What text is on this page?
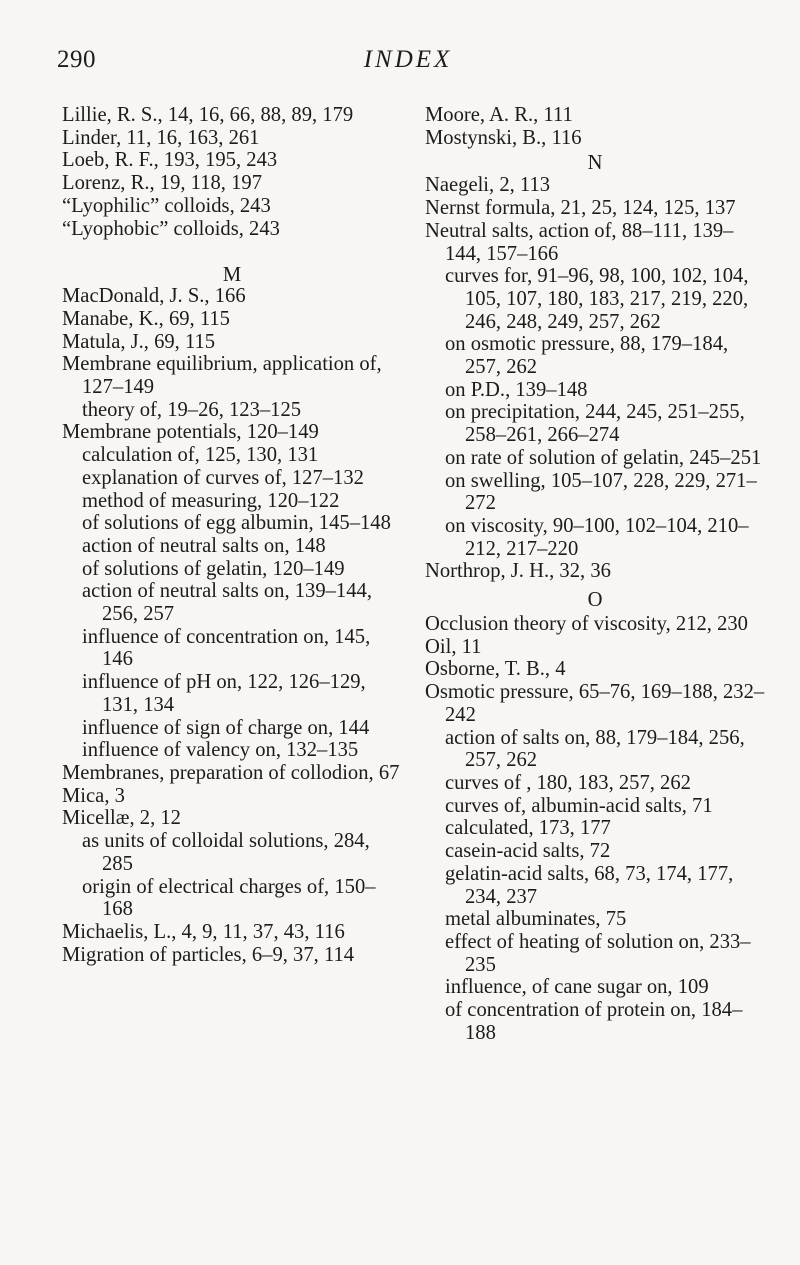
290	INDEX
Lillie, R. S., 14, 16, 66, 88, 89, 179
Linder, 11, 16, 163, 261
Loeb, R. F., 193, 195, 243
Lorenz, R., 19, 118, 197
“Lyophilic” colloids, 243
“Lyophobic” colloids, 243
M
MacDonald, J. S., 166
Manabe, K., 69, 115
Matula, J., 69, 115
Membrane equilibrium, application of, 127–149
theory of, 19–26, 123–125
Membrane potentials, 120–149
calculation of, 125, 130, 131
explanation of curves of, 127–132
method of measuring, 120–122
of solutions of egg albumin, 145–148
action of neutral salts on, 148
of solutions of gelatin, 120–149
action of neutral salts on, 139–144, 256, 257
influence of concentration on, 145, 146
influence of pH on, 122, 126–129, 131, 134
influence of sign of charge on, 144
influence of valency on, 132–135
Membranes, preparation of collodion, 67
Mica, 3
Micellæ, 2, 12
as units of colloidal solutions, 284, 285
origin of electrical charges of, 150–168
Michaelis, L., 4, 9, 11, 37, 43, 116
Migration of particles, 6–9, 37, 114
Moore, A. R., 111
Mostynski, B., 116
N
Naegeli, 2, 113
Nernst formula, 21, 25, 124, 125, 137
Neutral salts, action of, 88–111, 139–144, 157–166
curves for, 91–96, 98, 100, 102, 104, 105, 107, 180, 183, 217, 219, 220, 246, 248, 249, 257, 262
on osmotic pressure, 88, 179–184, 257, 262
on P.D., 139–148
on precipitation, 244, 245, 251–255, 258–261, 266–274
on rate of solution of gelatin, 245–251
on swelling, 105–107, 228, 229, 271–272
on viscosity, 90–100, 102–104, 210–212, 217–220
Northrop, J. H., 32, 36
O
Occlusion theory of viscosity, 212, 230
Oil, 11
Osborne, T. B., 4
Osmotic pressure, 65–76, 169–188, 232–242
action of salts on, 88, 179–184, 256, 257, 262
curves of , 180, 183, 257, 262
curves of, albumin-acid salts, 71
calculated, 173, 177
casein-acid salts, 72
gelatin-acid salts, 68, 73, 174, 177, 234, 237
metal albuminates, 75
effect of heating of solution on, 233–235
influence, of cane sugar on, 109
of concentration of protein on, 184–188
